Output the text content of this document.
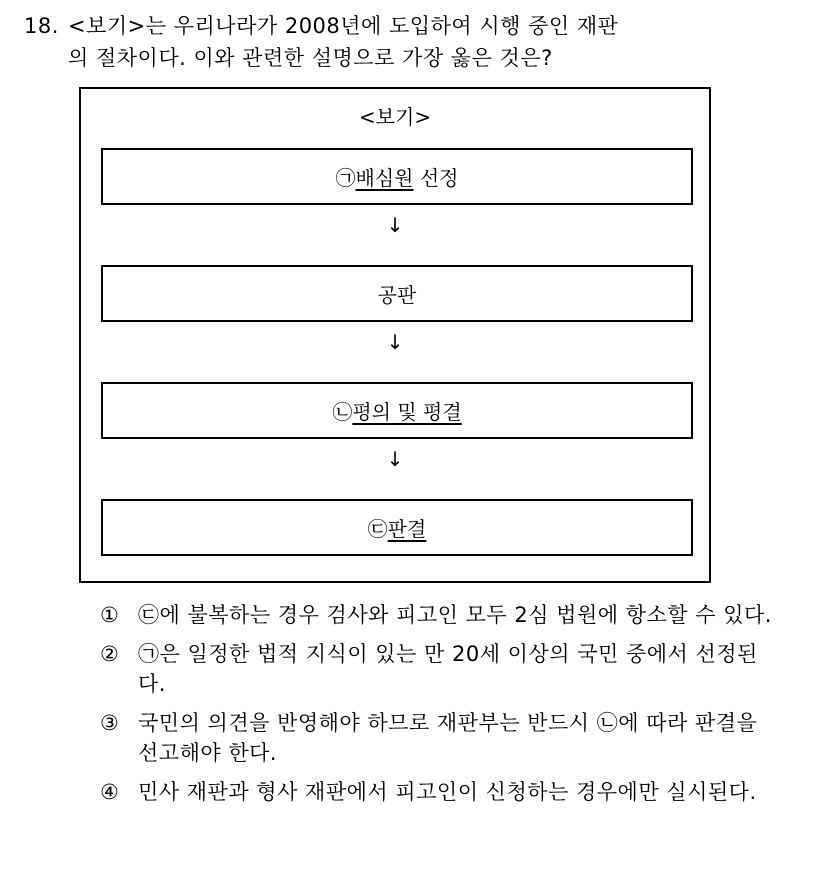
18. <보기>는 우리나라가 2008년에 도입하여 시행 중인 재판
의 절차이다. 이와 관련한 설명으로 가장 옳은 것은?
<보기>
㉠ 배심원 선정
↓
공판
↓
㉡ 평의 및 평결
↓
㉢ 판결
① ㉢에 불복하는 경우 검사와 피고인 모두 2심 법원에 항소할 수 있다.
② ㉠은 일정한 법적 지식이 있는 만 20세 이상의 국민 중에서 선정된다.
③ 국민의 의견을 반영해야 하므로 재판부는 반드시 ㉡에 따라 판결을 선고해야 한다.
④ 민사 재판과 형사 재판에서 피고인이 신청하는 경우에만 실시된다.
